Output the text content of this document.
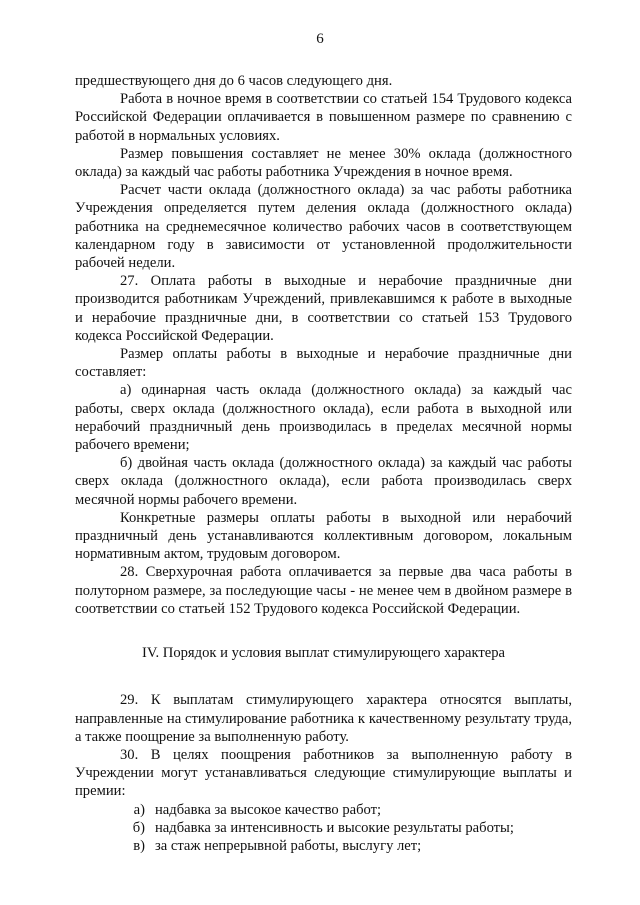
6

предшествующего дня до 6 часов следующего дня.

Работа в ночное время в соответствии со статьей 154 Трудового кодекса Российской Федерации оплачивается в повышенном размере по сравнению с работой в нормальных условиях.

Размер повышения составляет не менее 30% оклада (должностного оклада) за каждый час работы работника Учреждения в ночное время.

Расчет части оклада (должностного оклада) за час работы работника Учреждения определяется путем деления оклада (должностного оклада) работника на среднемесячное количество рабочих часов в соответствующем календарном году в зависимости от установленной продолжительности рабочей недели.

27. Оплата работы в выходные и нерабочие праздничные дни производится работникам Учреждений, привлекавшимся к работе в выходные и нерабочие праздничные дни, в соответствии со статьей 153 Трудового кодекса Российской Федерации.

Размер оплаты работы в выходные и нерабочие праздничные дни составляет:

а) одинарная часть оклада (должностного оклада) за каждый час работы, сверх оклада (должностного оклада), если работа в выходной или нерабочий праздничный день производилась в пределах месячной нормы рабочего времени;

б) двойная часть оклада (должностного оклада) за каждый час работы сверх оклада (должностного оклада), если работа производилась сверх месячной нормы рабочего времени.

Конкретные размеры оплаты работы в выходной или нерабочий праздничный день устанавливаются коллективным договором, локальным нормативным актом, трудовым договором.

28. Сверхурочная работа оплачивается за первые два часа работы в полуторном размере, за последующие часы - не менее чем в двойном размере в соответствии со статьей 152 Трудового кодекса Российской Федерации.

IV. Порядок и условия выплат стимулирующего характера

29. К выплатам стимулирующего характера относятся выплаты, направленные на стимулирование работника к качественному результату труда, а также поощрение за выполненную работу.

30. В целях поощрения работников за выполненную работу в Учреждении могут устанавливаться следующие стимулирующие выплаты и премии:

а) надбавка за высокое качество работ;
б) надбавка за интенсивность и высокие результаты работы;
в) за стаж непрерывной работы, выслугу лет;
